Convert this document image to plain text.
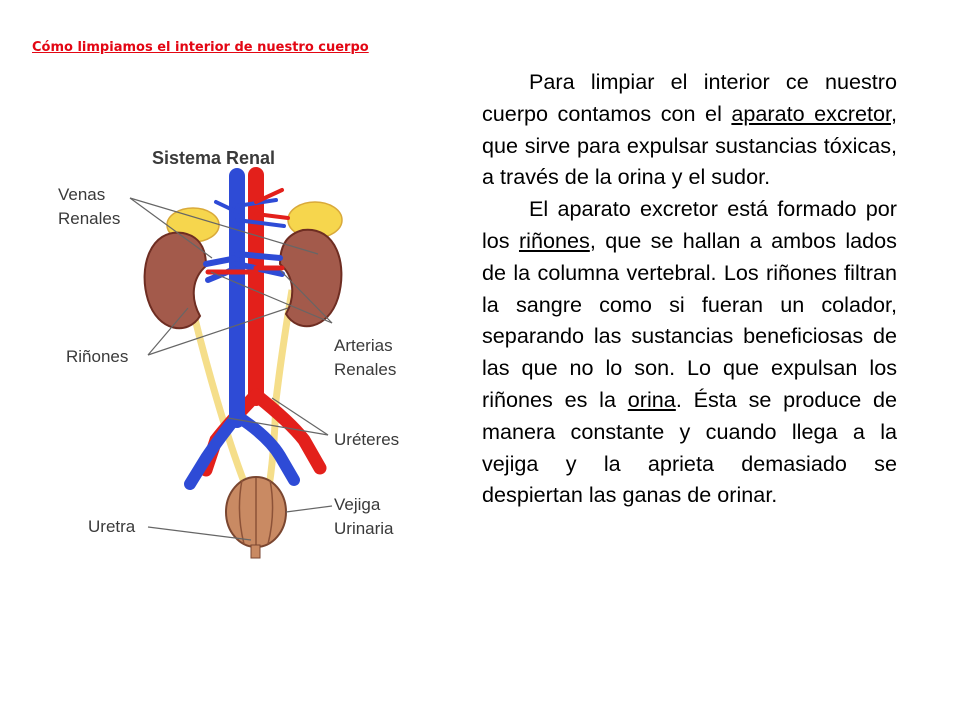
Cómo limpiamos el interior de nuestro cuerpo
Sistema Renal
Venas
Renales
Riñones
Arterias
Renales
Uréteres
Vejiga
Urinaria
Uretra

Para limpiar el interior ce nuestro cuerpo contamos con el aparato excretor, que sirve para expulsar sustancias tóxicas, a través de la orina y el sudor.

El aparato excretor está formado por los riñones, que se hallan a ambos lados de la columna vertebral. Los riñones filtran la sangre como si fueran un colador, separando las sustancias beneficiosas de las que no lo son. Lo que expulsan los riñones es la orina. Ésta se produce de manera constante y cuando llega a la vejiga y la aprieta demasiado se despiertan las ganas de orinar.
